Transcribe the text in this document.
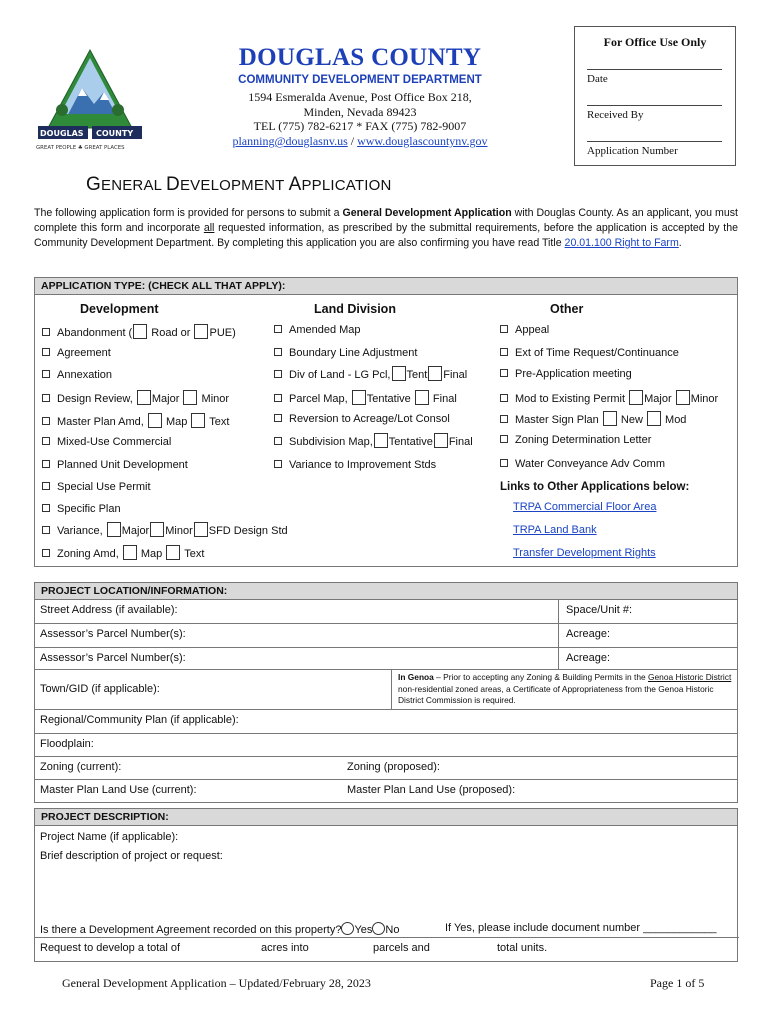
DOUGLAS COUNTY
GREAT PEOPLE ♣ GREAT PLACES
DOUGLAS COUNTY
COMMUNITY DEVELOPMENT DEPARTMENT
1594 Esmeralda Avenue, Post Office Box 218,
Minden, Nevada 89423
TEL (775) 782-6217 * FAX (775) 782-9007
planning@douglasnv.us / www.douglascountynv.gov
For Office Use Only
Date
Received By
Application Number
GENERAL DEVELOPMENT APPLICATION
The following application form is provided for persons to submit a General Development Application with Douglas County. As an applicant, you must complete this form and incorporate all requested information, as prescribed by the submittal requirements, before the application is accepted by the Community Development Department. By completing this application you are also confirming you have read Title 20.01.100 Right to Farm.
APPLICATION TYPE: (CHECK ALL THAT APPLY):
Development	Land Division	Other
Abandonment ( Road or PUE)
Agreement
Annexation
Design Review, Major Minor
Master Plan Amd, Map Text
Mixed-Use Commercial
Planned Unit Development
Special Use Permit
Specific Plan
Variance, Major Minor SFD Design Std
Zoning Amd, Map Text
Amended Map
Boundary Line Adjustment
Div of Land - LG Pcl, Tent Final
Parcel Map, Tentative Final
Reversion to Acreage/Lot Consol
Subdivision Map, Tentative Final
Variance to Improvement Stds
Appeal
Ext of Time Request/Continuance
Pre-Application meeting
Mod to Existing Permit Major Minor
Master Sign Plan New Mod
Zoning Determination Letter
Water Conveyance Adv Comm
Links to Other Applications below:
TRPA Commercial Floor Area
TRPA Land Bank
Transfer Development Rights
PROJECT LOCATION/INFORMATION:
Street Address (if available):	Space/Unit #:
Assessor’s Parcel Number(s):	Acreage:
Assessor’s Parcel Number(s):	Acreage:
Town/GID (if applicable):
In Genoa – Prior to accepting any Zoning & Building Permits in the Genoa Historic District non-residential zoned areas, a Certificate of Appropriateness from the Genoa Historic District Commission is required.
Regional/Community Plan (if applicable):
Floodplain:
Zoning (current):	Zoning (proposed):
Master Plan Land Use (current):	Master Plan Land Use (proposed):
PROJECT DESCRIPTION:
Project Name (if applicable):
Brief description of project or request:
Is there a Development Agreement recorded on this property? Yes No	If Yes, please include document number ____________
Request to develop a total of	acres into	parcels and	total units.
General Development Application – Updated/February 28, 2023	Page 1 of 5
